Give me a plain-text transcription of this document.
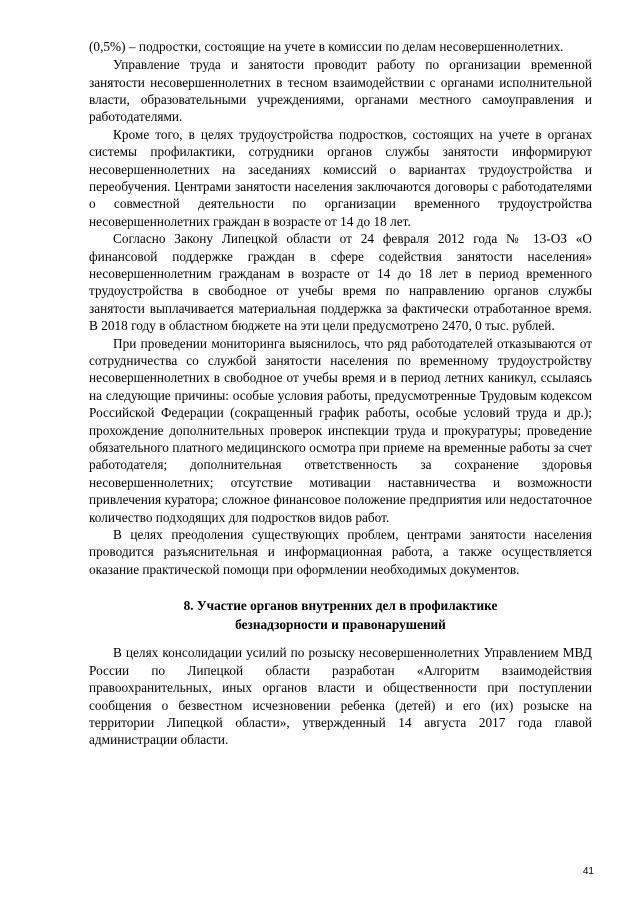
(0,5%) – подростки, состоящие на учете в комиссии по делам несовершеннолетних.

Управление труда и занятости проводит работу по организации временной занятости несовершеннолетних в тесном взаимодействии с органами исполнительной власти, образовательными учреждениями, органами местного самоуправления и работодателями.

Кроме того, в целях трудоустройства подростков, состоящих на учете в органах системы профилактики, сотрудники органов службы занятости информируют несовершеннолетних на заседаниях комиссий о вариантах трудоустройства и переобучения. Центрами занятости населения заключаются договоры с работодателями о совместной деятельности по организации временного трудоустройства несовершеннолетних граждан в возрасте от 14 до 18 лет.

Согласно Закону Липецкой области от 24 февраля 2012 года № 13-ОЗ «О финансовой поддержке граждан в сфере содействия занятости населения» несовершеннолетним гражданам в возрасте от 14 до 18 лет в период временного трудоустройства в свободное от учебы время по направлению органов службы занятости выплачивается материальная поддержка за фактически отработанное время. В 2018 году в областном бюджете на эти цели предусмотрено 2470, 0 тыс. рублей.

При проведении мониторинга выяснилось, что ряд работодателей отказываются от сотрудничества со службой занятости населения по временному трудоустройству несовершеннолетних в свободное от учебы время и в период летних каникул, ссылаясь на следующие причины: особые условия работы, предусмотренные Трудовым кодексом Российской Федерации (сокращенный график работы, особые условий труда и др.); прохождение дополнительных проверок инспекции труда и прокуратуры; проведение обязательного платного медицинского осмотра при приеме на временные работы за счет работодателя; дополнительная ответственность за сохранение здоровья несовершеннолетних; отсутствие мотивации наставничества и возможности привлечения куратора; сложное финансовое положение предприятия или недостаточное количество подходящих для подростков видов работ.

В целях преодоления существующих проблем, центрами занятости населения проводится разъяснительная и информационная работа, а также осуществляется оказание практической помощи при оформлении необходимых документов.

8. Участие органов внутренних дел в профилактике
безнадзорности и правонарушений

В целях консолидации усилий по розыску несовершеннолетних Управлением МВД России по Липецкой области разработан «Алгоритм взаимодействия правоохранительных, иных органов власти и общественности при поступлении сообщения о безвестном исчезновении ребенка (детей) и его (их) розыске на территории Липецкой области», утвержденный 14 августа 2017 года главой администрации области.

41
